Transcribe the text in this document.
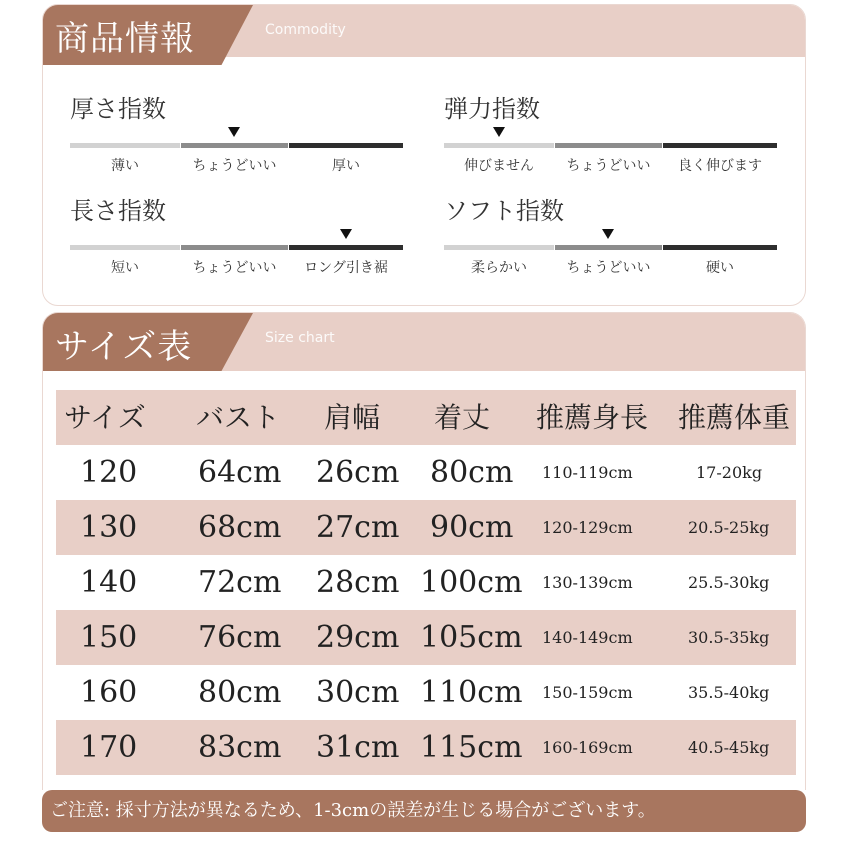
商品情報	Commodity
厚さ指数
薄い	ちょうどいい	厚い
弾力指数
伸びません	ちょうどいい	良く伸びます
長さ指数
短い	ちょうどいい	ロング引き裾
ソフト指数
柔らかい	ちょうどいい	硬い
サイズ表	Size chart
サイズ バスト 肩幅 着丈 推薦身長 推薦体重
120 64cm 26cm 80cm 110-119cm	17-20kg
130 68cm 27cm 90cm 120-129cm	20.5-25kg
140 72cm 28cm 100cm 130-139cm	25.5-30kg
150 76cm 29cm 105cm 140-149cm	30.5-35kg
160 80cm 30cm 110cm 150-159cm	35.5-40kg
170 83cm 31cm 115cm 160-169cm	40.5-45kg
ご注意: 採寸方法が異なるため、1-3cmの誤差が生じる場合がございます。
